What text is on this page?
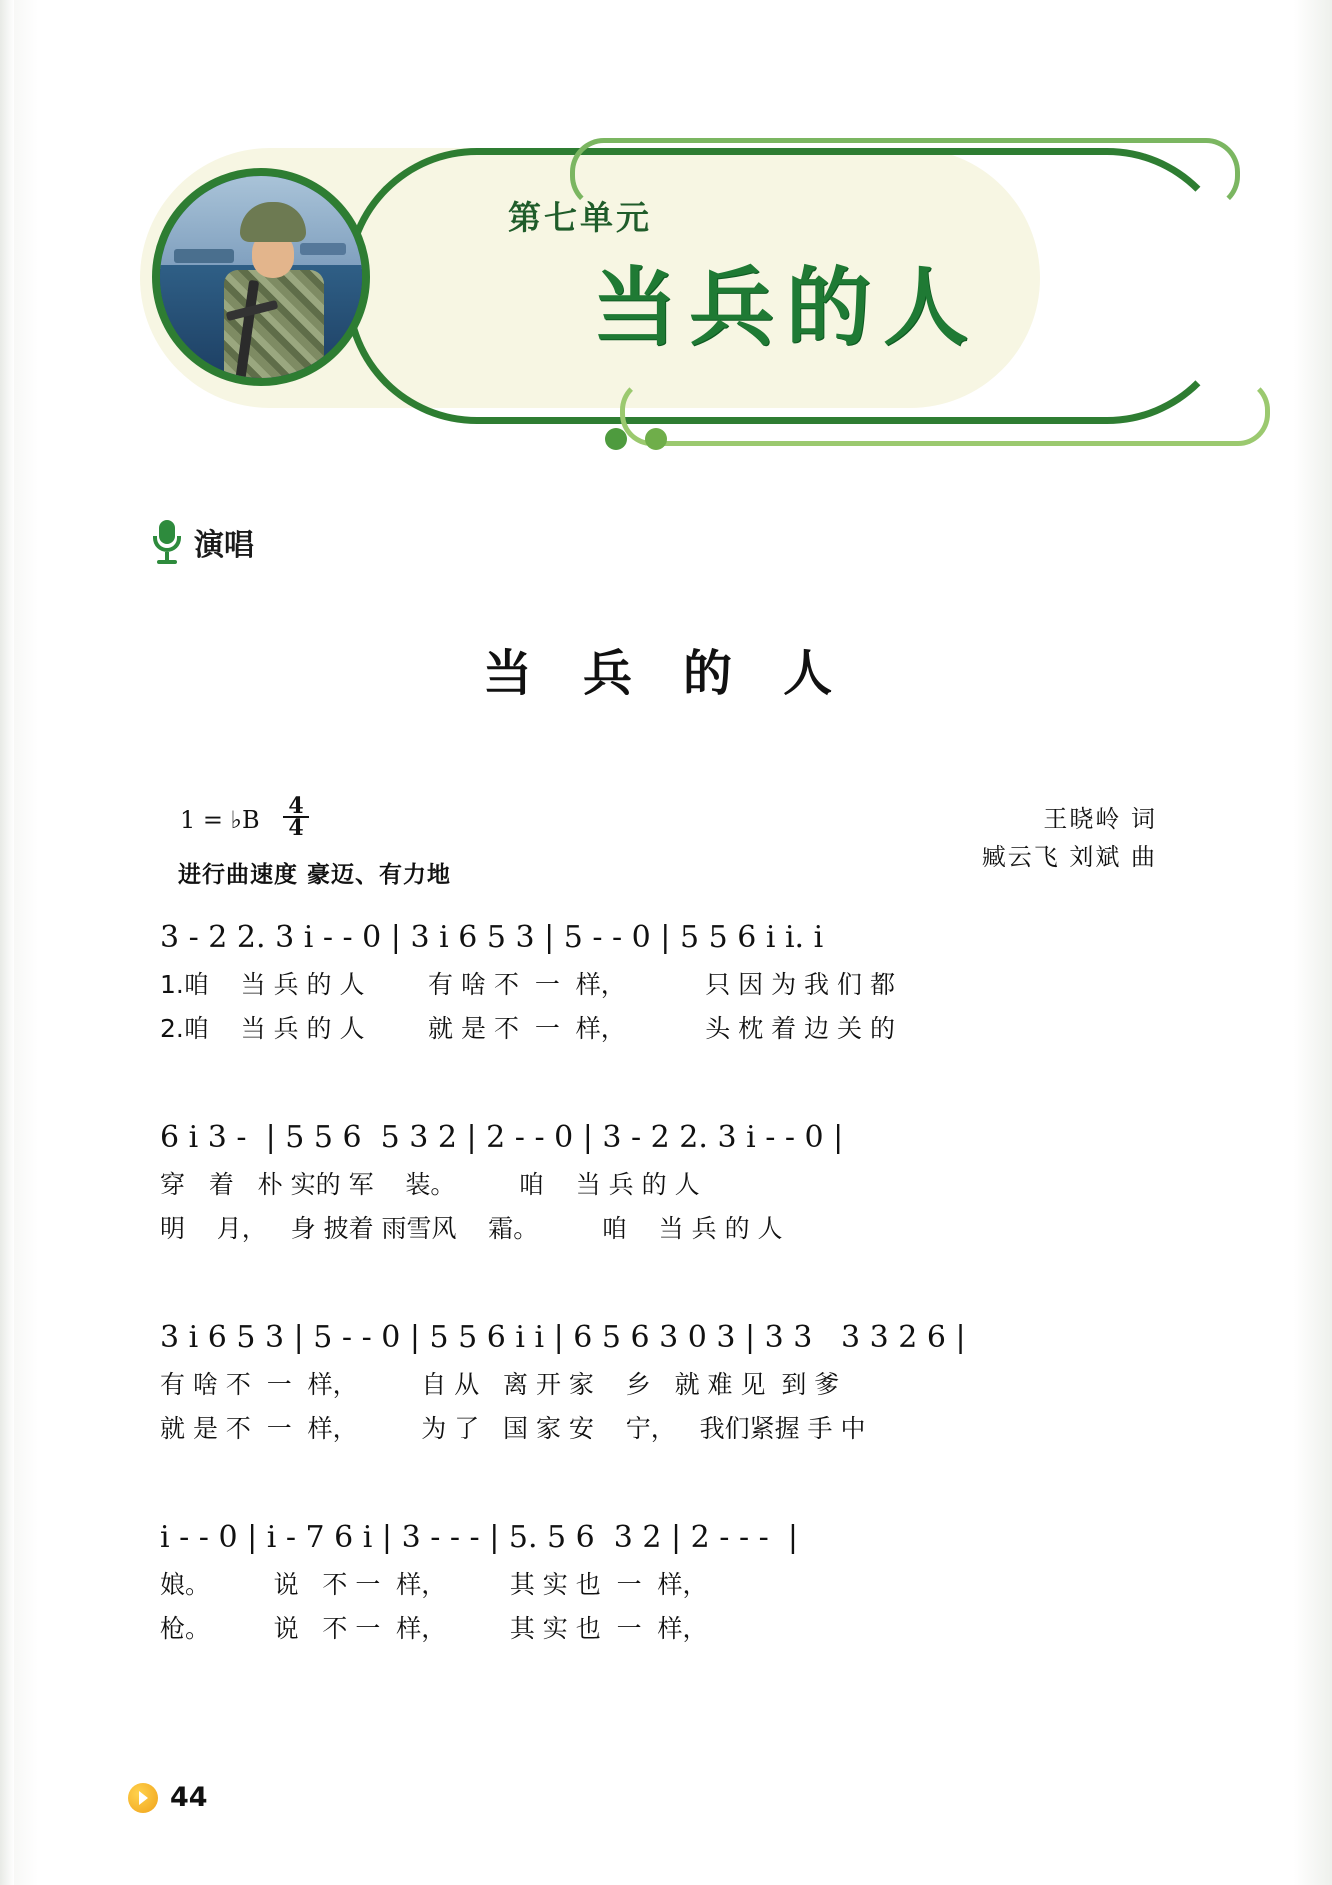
第七单元
当兵的人
演唱
当 兵 的 人
1 = ♭B $\frac{4}{4}$
进行曲速度 豪迈、有力地
王晓岭 词
臧云飞 刘斌 曲
3 - 2 2. 3 i - - 0 | 3 i 6 5 3 | 5 - - 0 | 5 5 6 i i. i
1.咱    当 兵 的 人        有 啥 不  一  样，          只 因 为 我 们 都
2.咱    当 兵 的 人        就 是 不  一  样，          头 枕 着 边 关 的
6 i 3 -  | 5 5 6  5 3 2 | 2 - - 0 | 3 - 2 2. 3 i - - 0 |
穿   着   朴 实的 军    装。        咱    当 兵 的 人
明    月，   身 披着 雨雪风    霜。        咱    当 兵 的 人
3 i 6 5 3 | 5 - - 0 | 5 5 6 i i | 6 5 6 3 0 3 | 3 3   3 3 2 6 |
有 啥 不  一  样，        自 从   离 开 家    乡   就 难 见  到 爹
就 是 不  一  样，        为 了   国 家 安    宁，   我们紧握 手 中
i - - 0 | i - 7 6 i | 3 - - - | 5. 5 6  3 2 | 2 - - -  |
娘。        说   不 一  样，        其 实 也  一  样，
枪。        说   不 一  样，        其 实 也  一  样，
44
